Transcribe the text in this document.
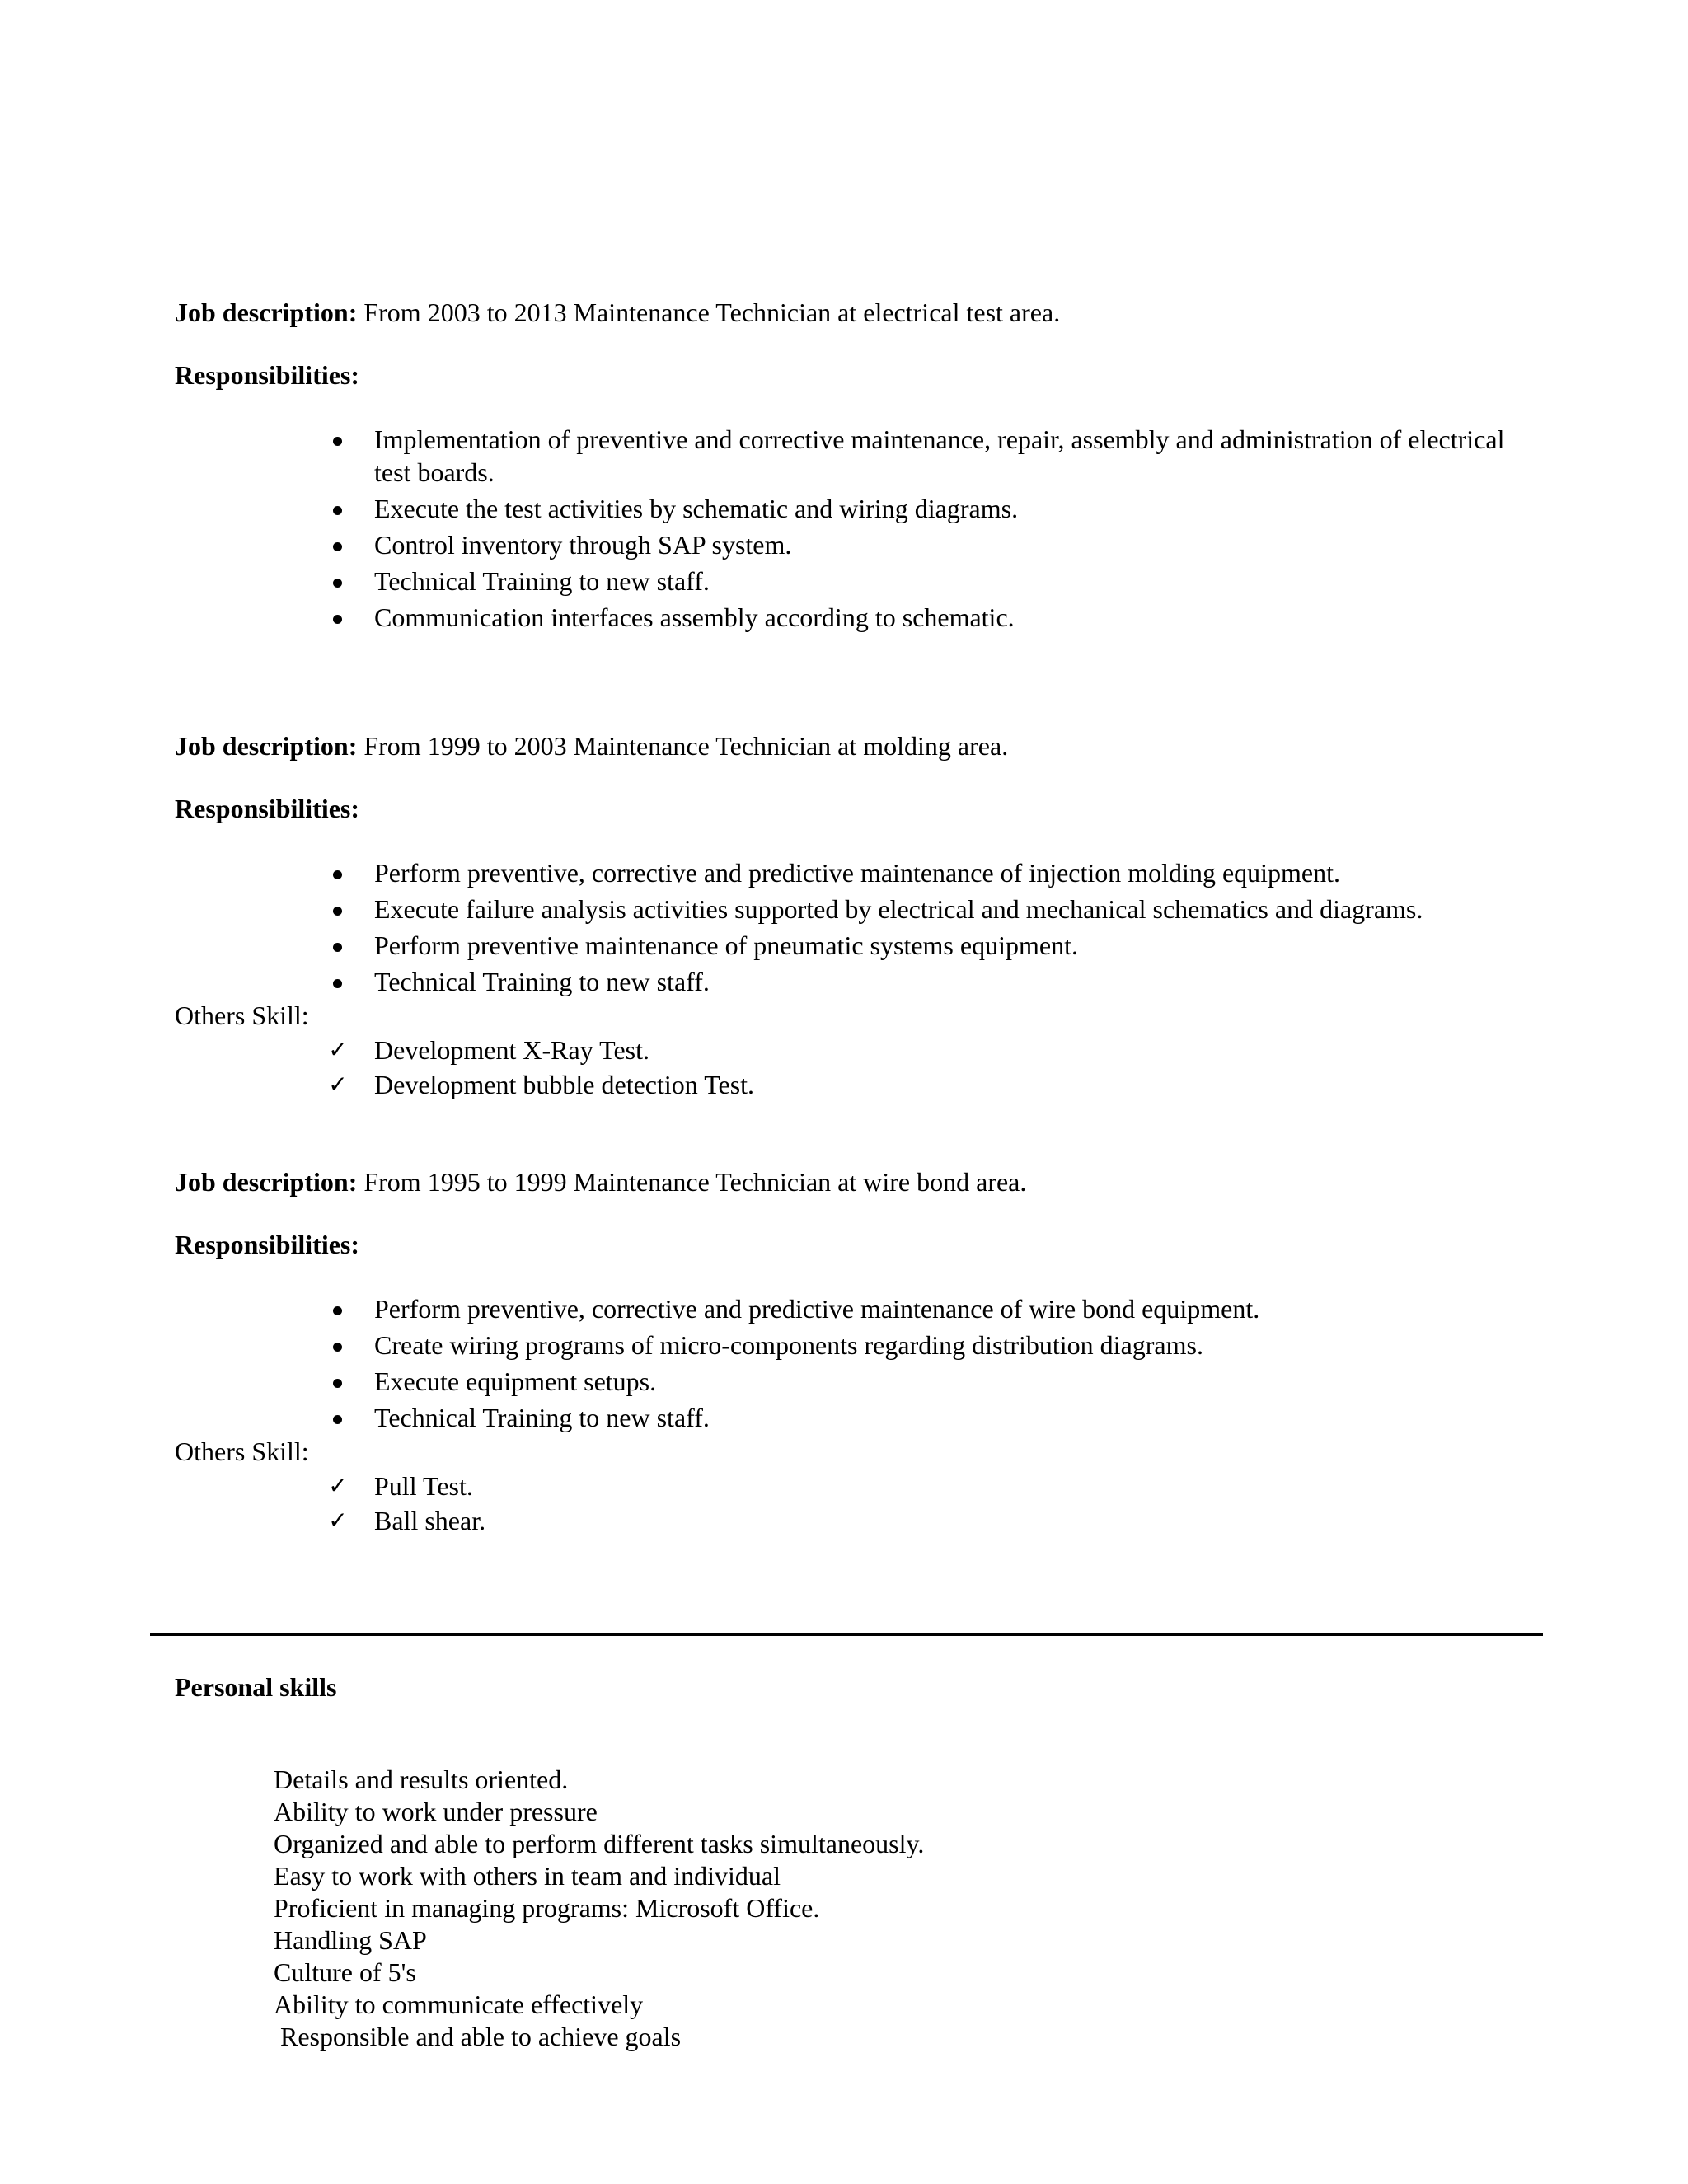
Job description: From 2003 to 2013 Maintenance Technician at electrical test area.
Responsibilities:
Implementation of preventive and corrective maintenance, repair, assembly and administration of electrical test boards.
Execute the test activities by schematic and wiring diagrams.
Control inventory through SAP system.
Technical Training to new staff.
Communication interfaces assembly according to schematic.
Job description: From 1999 to 2003 Maintenance Technician at molding area.
Responsibilities:
Perform preventive, corrective and predictive maintenance of injection molding equipment.
Execute failure analysis activities supported by electrical and mechanical schematics and diagrams.
Perform preventive maintenance of pneumatic systems equipment.
Technical Training to new staff.
Others Skill:
✓ Development X-Ray Test.
✓ Development bubble detection Test.
Job description: From 1995 to 1999 Maintenance Technician at wire bond area.
Responsibilities:
Perform preventive, corrective and predictive maintenance of wire bond equipment.
Create wiring programs of micro-components regarding distribution diagrams.
Execute equipment setups.
Technical Training to new staff.
Others Skill:
✓ Pull Test.
✓ Ball shear.
Personal skills
Details and results oriented.
Ability to work under pressure
Organized and able to perform different tasks simultaneously.
Easy to work with others in team and individual
Proficient in managing programs: Microsoft Office.
Handling SAP
Culture of 5's
Ability to communicate effectively
Responsible and able to achieve goals
